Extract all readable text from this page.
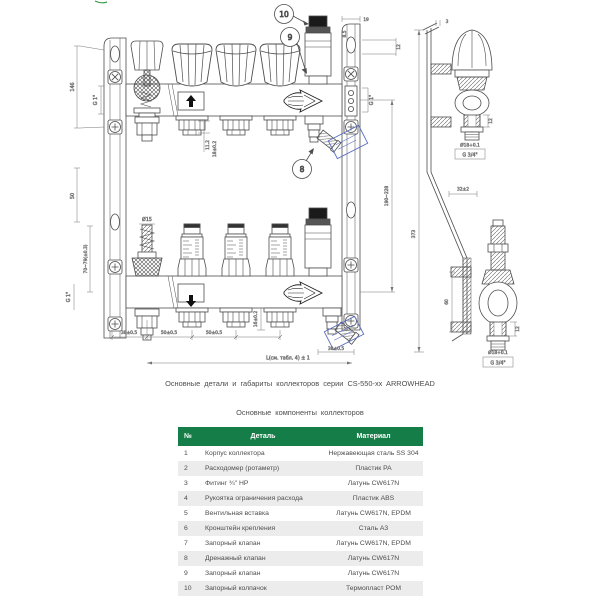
146
G 1"
50
70~79(±0.3)
G 1"
Ø15
11.2 18±0.2
16±0.2
19
8.5
12
G 1"
190~228
373
38±0.5	50±0.5	50±0.5
38±0.5
L(см. табл. 4) ± 1
3
12
Ø18+0.1
G 3/4"
32±2
60
12
Ø18+0.1
G 3/4"
10
9
8
Основные детали и габариты коллекторов серии CS-550-xx ARROWHEAD
Основные компоненты коллекторов
№	Деталь	Материал
1	Корпус коллектора	Нержавеющая сталь SS 304
2	Расходомер (ротаметр)	Пластик PA
3	Фитинг ¾" НР	Латунь CW617N
4	Рукоятка ограничения расхода	Пластик ABS
5	Вентильная вставка	Латунь CW617N, EPDM
6	Кронштейн крепления	Сталь A3
7	Запорный клапан	Латунь CW617N, EPDM
8	Дренажный клапан	Латунь CW617N
9	Запорный клапан	Латунь CW617N
10	Запорный колпачок	Термопласт POM
